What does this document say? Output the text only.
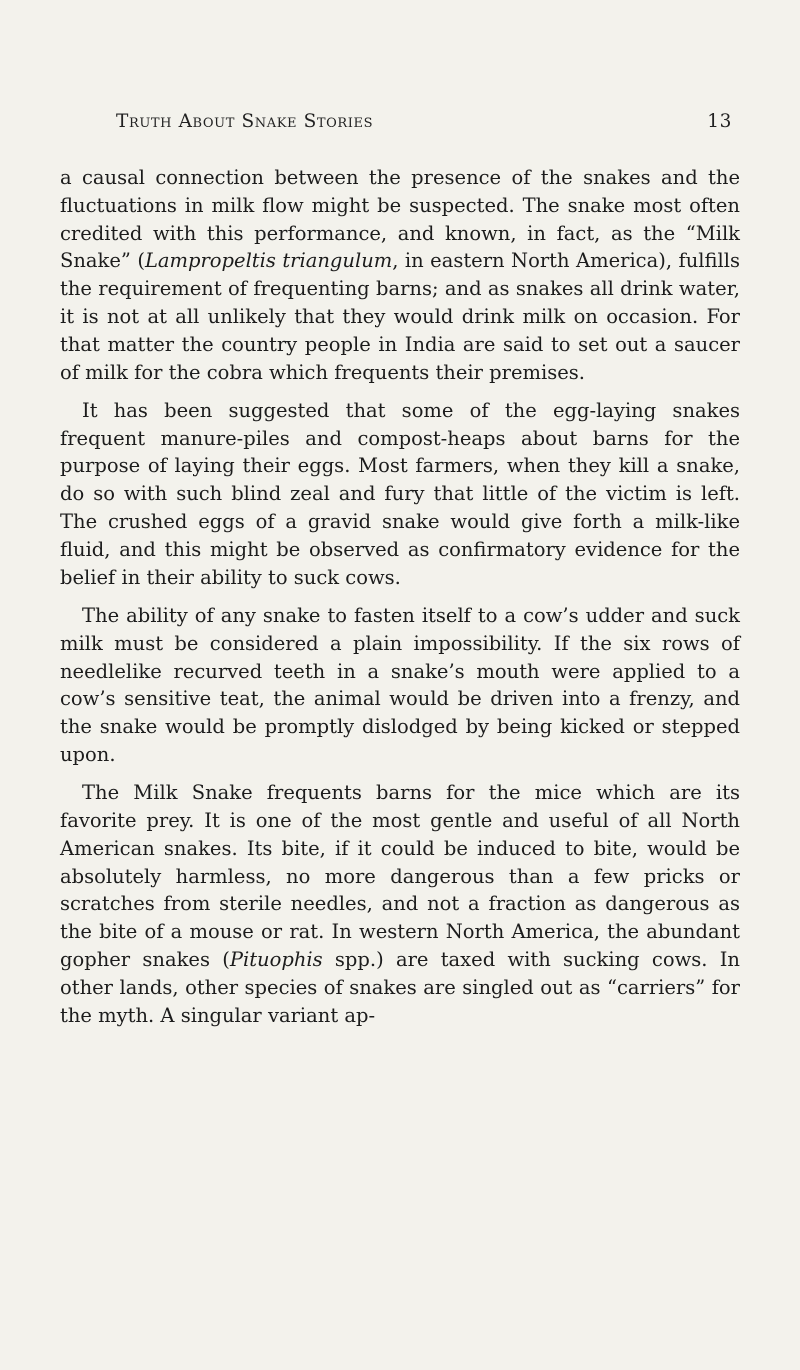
Truth About Snake Stories	13

a causal connection between the presence of the snakes and the fluctuations in milk flow might be suspected. The snake most often credited with this performance, and known, in fact, as the “Milk Snake” (Lampropeltis triangulum, in eastern North America), fulfills the requirement of frequenting barns; and as snakes all drink water, it is not at all unlikely that they would drink milk on occasion. For that matter the country people in India are said to set out a saucer of milk for the cobra which frequents their premises.

It has been suggested that some of the egg-laying snakes frequent manure-piles and compost-heaps about barns for the purpose of laying their eggs. Most farmers, when they kill a snake, do so with such blind zeal and fury that little of the victim is left. The crushed eggs of a gravid snake would give forth a milk-like fluid, and this might be observed as confirmatory evidence for the belief in their ability to suck cows.

The ability of any snake to fasten itself to a cow’s udder and suck milk must be considered a plain impossibility. If the six rows of needlelike recurved teeth in a snake’s mouth were applied to a cow’s sensitive teat, the animal would be driven into a frenzy, and the snake would be promptly dislodged by being kicked or stepped upon.

The Milk Snake frequents barns for the mice which are its favorite prey. It is one of the most gentle and useful of all North American snakes. Its bite, if it could be induced to bite, would be absolutely harmless, no more dangerous than a few pricks or scratches from sterile needles, and not a fraction as dangerous as the bite of a mouse or rat. In western North America, the abundant gopher snakes (Pituophis spp.) are taxed with sucking cows. In other lands, other species of snakes are singled out as “carriers” for the myth. A singular variant ap-
